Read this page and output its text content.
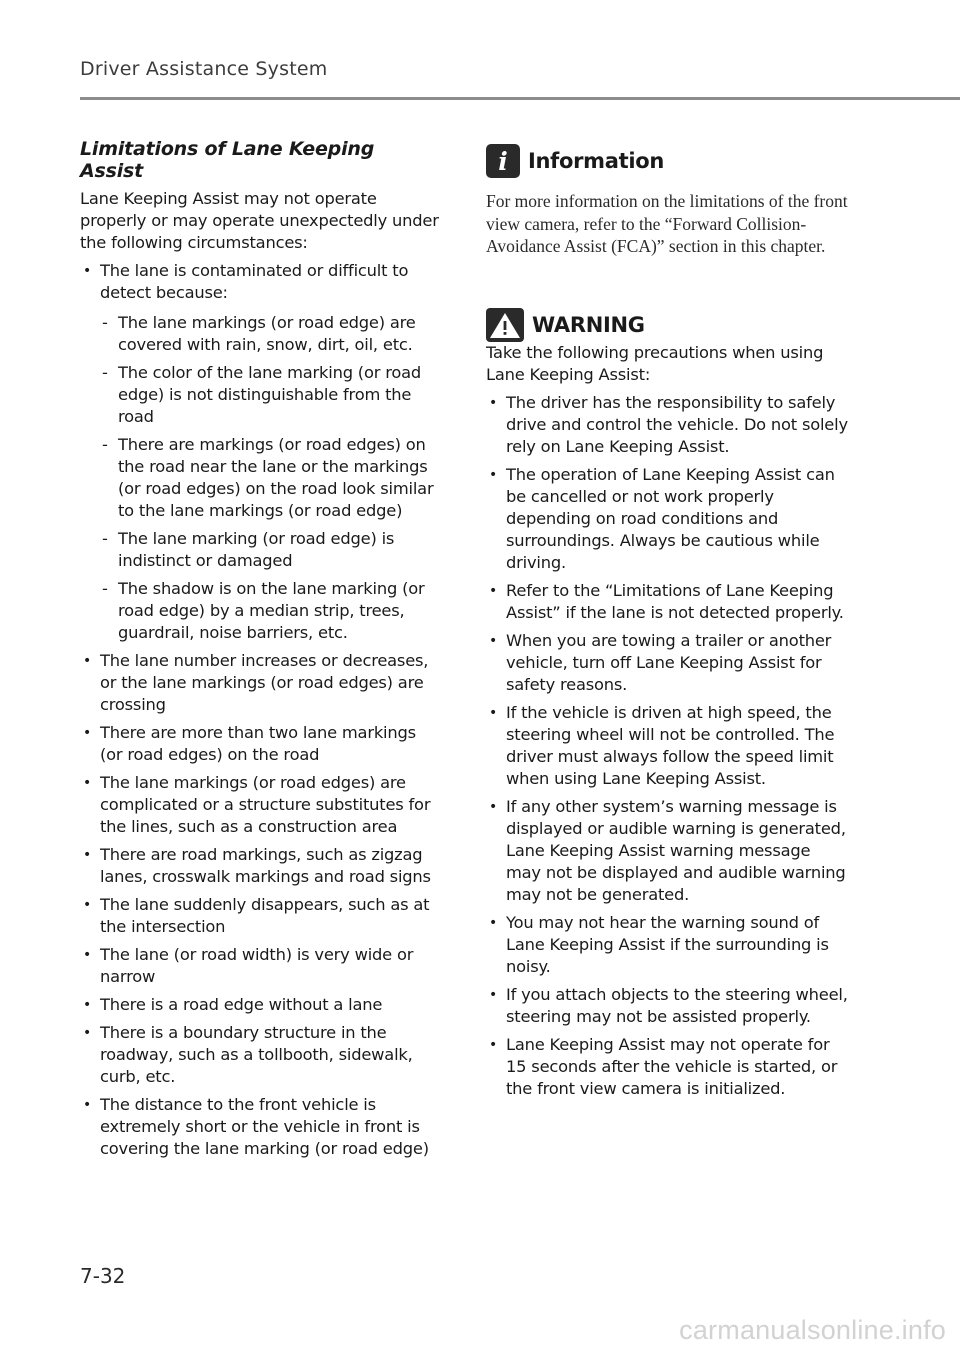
Driver Assistance System
Limitations of Lane Keeping Assist

Lane Keeping Assist may not operate properly or may operate unexpectedly under the following circumstances:

• The lane is contaminated or difficult to detect because:
- The lane markings (or road edge) are covered with rain, snow, dirt, oil, etc.
- The color of the lane marking (or road edge) is not distinguishable from the road
- There are markings (or road edges) on the road near the lane or the markings (or road edges) on the road look similar to the lane markings (or road edge)
- The lane marking (or road edge) is indistinct or damaged
- The shadow is on the lane marking (or road edge) by a median strip, trees, guardrail, noise barriers, etc.
• The lane number increases or decreases, or the lane markings (or road edges) are crossing
• There are more than two lane markings (or road edges) on the road
• The lane markings (or road edges) are complicated or a structure substitutes for the lines, such as a construction area
• There are road markings, such as zigzag lanes, crosswalk markings and road signs
• The lane suddenly disappears, such as at the intersection
• The lane (or road width) is very wide or narrow
• There is a road edge without a lane
• There is a boundary structure in the roadway, such as a tollbooth, sidewalk, curb, etc.
• The distance to the front vehicle is extremely short or the vehicle in front is covering the lane marking (or road edge)
i Information

For more information on the limitations of the front view camera, refer to the “Forward Collision-Avoidance Assist (FCA)” section in this chapter.

WARNING

Take the following precautions when using Lane Keeping Assist:

• The driver has the responsibility to safely drive and control the vehicle. Do not solely rely on Lane Keeping Assist.
• The operation of Lane Keeping Assist can be cancelled or not work properly depending on road conditions and surroundings. Always be cautious while driving.
• Refer to the “Limitations of Lane Keeping Assist” if the lane is not detected properly.
• When you are towing a trailer or another vehicle, turn off Lane Keeping Assist for safety reasons.
• If the vehicle is driven at high speed, the steering wheel will not be controlled. The driver must always follow the speed limit when using Lane Keeping Assist.
• If any other system’s warning message is displayed or audible warning is generated, Lane Keeping Assist warning message may not be displayed and audible warning may not be generated.
• You may not hear the warning sound of Lane Keeping Assist if the surrounding is noisy.
• If you attach objects to the steering wheel, steering may not be assisted properly.
• Lane Keeping Assist may not operate for 15 seconds after the vehicle is started, or the front view camera is initialized.
7-32
carmanualsonline.info
